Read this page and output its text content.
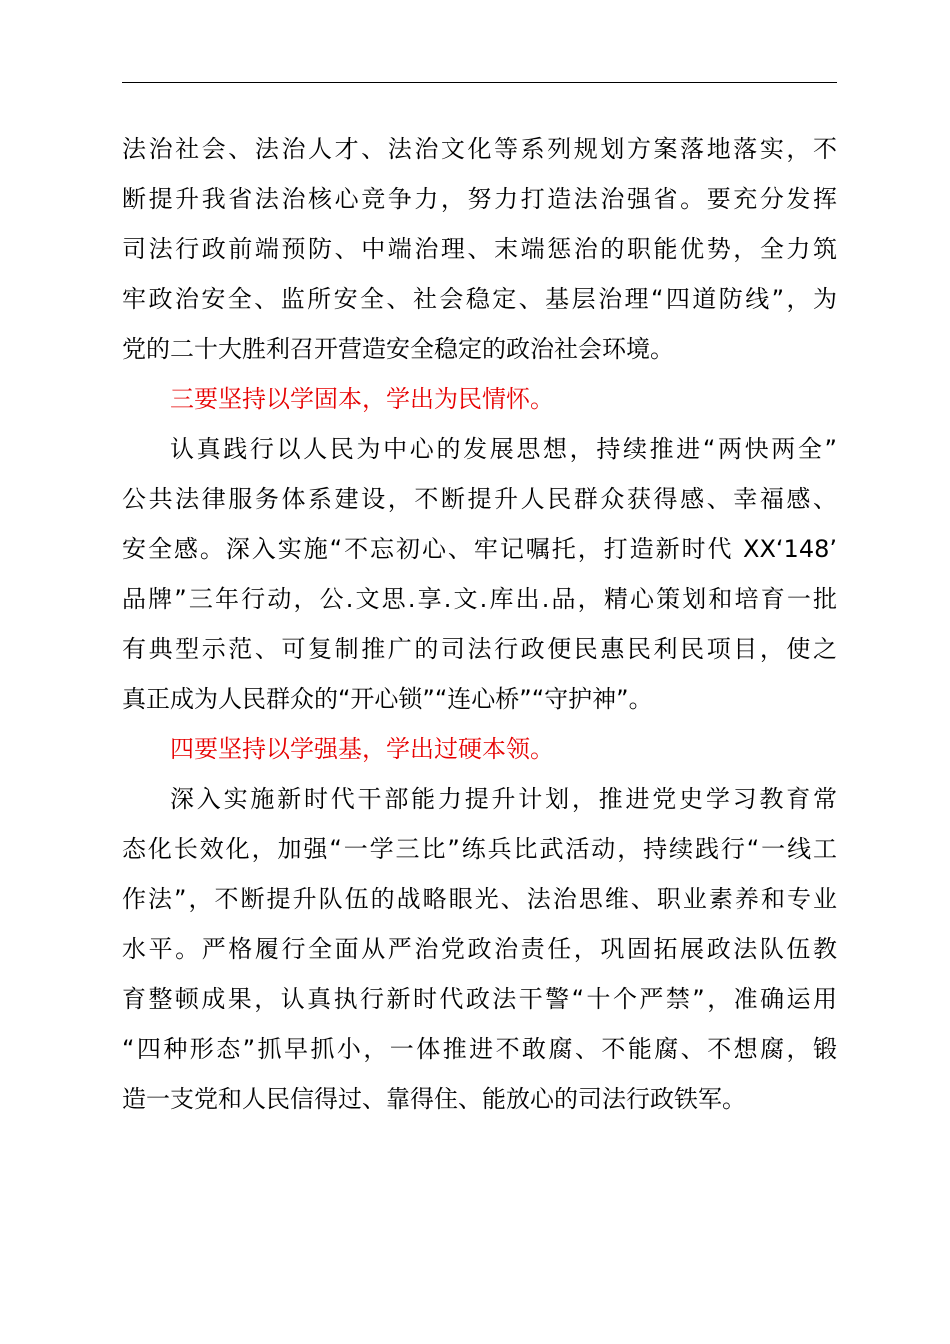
法治社会、法治人才、法治文化等系列规划方案落地落实，不
断提升我省法治核心竞争力，努力打造法治强省。要充分发挥
司法行政前端预防、中端治理、末端惩治的职能优势，全力筑
牢政治安全、监所安全、社会稳定、基层治理“四道防线”，为
党的二十大胜利召开营造安全稳定的政治社会环境。
三要坚持以学固本，学出为民情怀。
认真践行以人民为中心的发展思想，持续推进“两快两全”
公共法律服务体系建设，不断提升人民群众获得感、幸福感、
安全感。深入实施“不忘初心、牢记嘱托，打造新时代 XX‘148’
品牌”三年行动，公.文思.享.文.库出.品，精心策划和培育一批
有典型示范、可复制推广的司法行政便民惠民利民项目，使之
真正成为人民群众的“开心锁”“连心桥”“守护神”。
四要坚持以学强基，学出过硬本领。
深入实施新时代干部能力提升计划，推进党史学习教育常
态化长效化，加强“一学三比”练兵比武活动，持续践行“一线工
作法”，不断提升队伍的战略眼光、法治思维、职业素养和专业
水平。严格履行全面从严治党政治责任，巩固拓展政法队伍教
育整顿成果，认真执行新时代政法干警“十个严禁”，准确运用
“四种形态”抓早抓小，一体推进不敢腐、不能腐、不想腐，锻
造一支党和人民信得过、靠得住、能放心的司法行政铁军。
